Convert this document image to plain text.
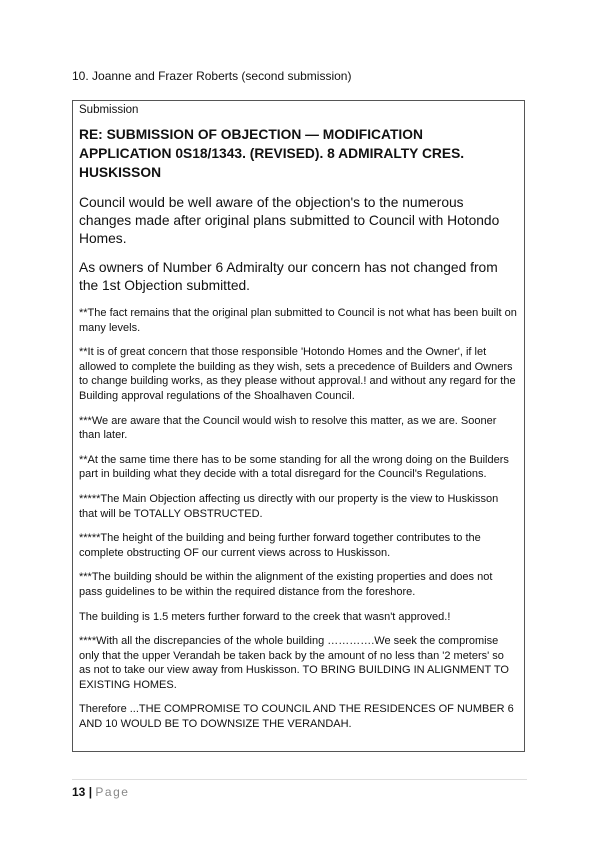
10. Joanne and Frazer Roberts (second submission)

Submission

RE: SUBMISSION OF OBJECTION — MODIFICATION APPLICATION 0S18/1343. (REVISED). 8 ADMIRALTY CRES. HUSKISSON

Council would be well aware of the objection's to the numerous changes made after original plans submitted to Council with Hotondo Homes.

As owners of Number 6 Admiralty our concern has not changed from the 1st Objection submitted.

**The fact remains that the original plan submitted to Council is not what has been built on many levels.

**It is of great concern that those responsible 'Hotondo Homes and the Owner', if let allowed to complete the building as they wish, sets a precedence of Builders and Owners to change building works, as they please without approval.! and without any regard for the Building approval regulations of the Shoalhaven Council.

***We are aware that the Council would wish to resolve this matter, as we are. Sooner than later.

**At the same time there has to be some standing for all the wrong doing on the Builders part in building what they decide with a total disregard for the Council's Regulations.

*****The Main Objection affecting us directly with our property is the view to Huskisson that will be TOTALLY OBSTRUCTED.

*****The height of the building and being further forward together contributes to the complete obstructing OF our current views across to Huskisson.

***The building should be within the alignment of the existing properties and does not pass guidelines to be within the required distance from the foreshore.

The building is 1.5 meters further forward to the creek that wasn't approved.!

****With all the discrepancies of the whole building ………….We seek the compromise only that the upper Verandah be taken back by the amount of no less than '2 meters' so as not to take our view away from Huskisson. TO BRING BUILDING IN ALIGNMENT TO EXISTING HOMES.

Therefore ...THE COMPROMISE TO COUNCIL AND THE RESIDENCES OF NUMBER 6 AND 10 WOULD BE TO DOWNSIZE THE VERANDAH.

13 | Page
